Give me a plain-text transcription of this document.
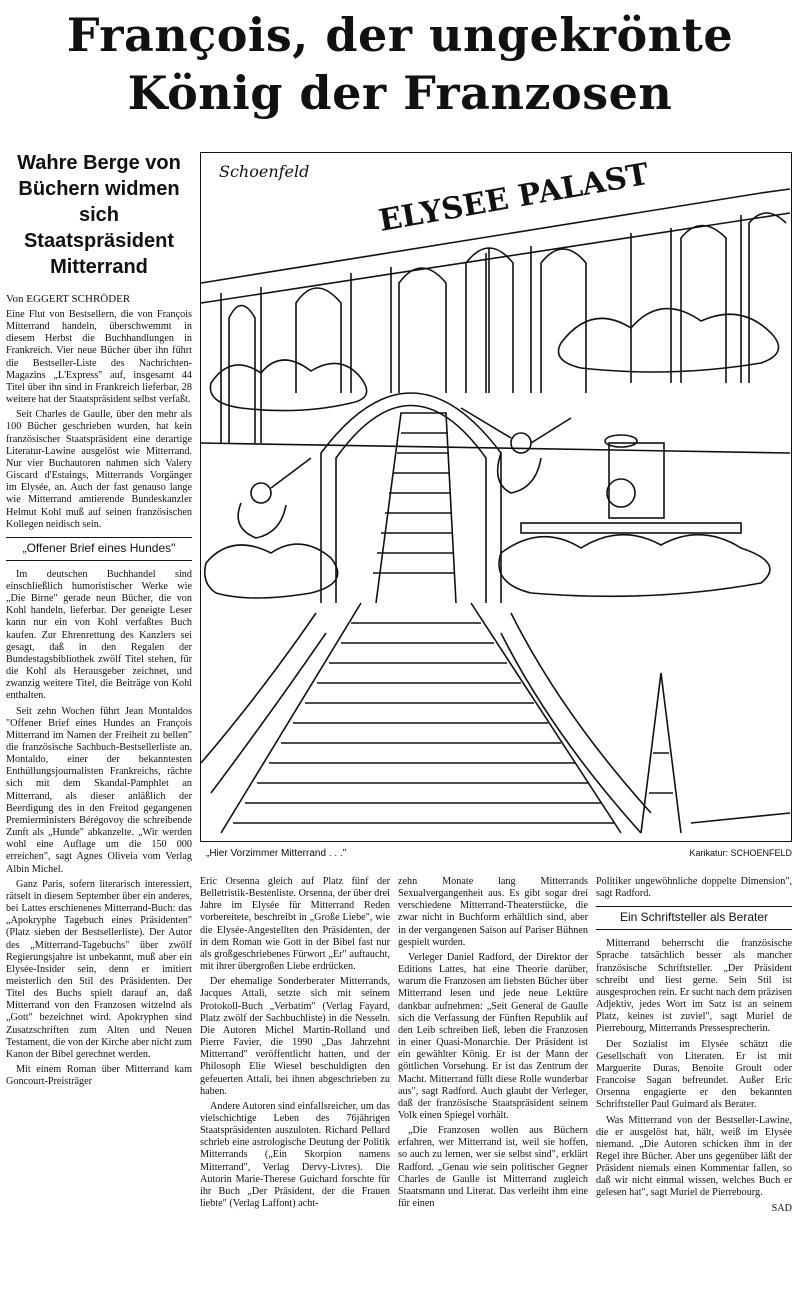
François, der ungekrönte
König der Franzosen
Wahre Berge von Büchern widmen sich Staatspräsident Mitterrand
Von EGGERT SCHRÖDER

Eine Flut von Bestsellern, die von François Mitterrand handeln, überschwemmt in diesem Herbst die Buchhandlungen in Frankreich. Vier neue Bücher über ihn führt die Bestseller-Liste des Nachrichten-Magazins „L'Express" auf, insgesamt 44 Titel über ihn sind in Frankreich lieferbar, 28 weitere hat der Staatspräsident selbst verfaßt.

Seit Charles de Gaulle, über den mehr als 100 Bücher geschrieben wurden, hat kein französischer Staatspräsident eine derartige Literatur-Lawine ausgelöst wie Mitterrand. Nur vier Buchautoren nahmen sich Valery Giscard d'Estaings, Mitterrands Vorgänger im Elysée, an. Auch der fast genauso lange wie Mitterrand amtierende Bundeskanzler Helmut Kohl muß auf seinen französischen Kollegen neidisch sein.

„Offener Brief eines Hundes"

Im deutschen Buchhandel sind einschließlich humoristischer Werke wie „Die Birne" gerade neun Bücher, die von Kohl handeln, lieferbar. Der geneigte Leser kann nur ein von Kohl verfaßtes Buch kaufen. Zur Ehrenrettung des Kanzlers sei gesagt, daß in den Regalen der Bundestagsbibliothek zwölf Titel stehen, für die Kohl als Herausgeber zeichnet, und zwanzig weitere Titel, die Beiträge von Kohl enthalten.

Seit zehn Wochen führt Jean Montaldos "Offener Brief eines Hundes an François Mitterrand im Namen der Freiheit zu bellen" die französische Sachbuch-Bestsellerliste an. Montaldo, einer der bekanntesten Enthüllungsjournalisten Frankreichs, rächte sich mit dem Skandal-Pamphlet an Mitterrand, als dieser anläßlich der Beerdigung des in den Freitod gegangenen Premierministers Bérégovoy die schreibende Zunft als „Hunde" abkanzelte. „Wir werden wohl eine Auflage um die 150 000 erreichen", sagt Agnes Oliveia vom Verlag Albin Michel.

Ganz Paris, sofern literarisch interessiert, rätselt in diesem September über ein anderes, bei Lattes erschienenes Mitterrand-Buch: das „Apokryphe Tagebuch eines Präsidenten" (Platz sieben der Bestsellerliste). Der Autor des „Mitterrand-Tagebuchs" über zwölf Regierungsjahre ist unbekannt, muß aber ein Elysée-Insider sein, denn er imitiert meisterlich den Stil des Präsidenten. Der Titel des Buchs spielt darauf an, daß Mitterrand von den Franzosen witzelnd als „Gott" bezeichnet wird. Apokryphen sind Zusatzschriften zum Alten und Neuen Testament, die von der Kirche aber nicht zum Kanon der Bibel gerechnet werden.

Mit einem Roman über Mitterrand kam Goncourt-Preisträger

ELYSEE PALAST
Schoenfeld
„Hier Vorzimmer Mitterrand . . ."	Karikatur: SCHOENFELD

Eric Orsenna gleich auf Platz fünf der Belletristik-Bestenliste. Orsenna, der über drei Jahre im Elysée für Mitterrand Reden vorbereitete, beschreibt in „Große Liebe", wie die Elysée-Angestellten den Präsidenten, der in dem Roman wie Gott in der Bibel fast nur als großgeschriebenes Fürwort „Er" auftaucht, mit ihrer übergroßen Liebe erdrücken.

Der ehemalige Sonderberater Mitterrands, Jacques Attali, setzte sich mit seinem Protokoll-Buch „Verbatim" (Verlag Fayard, Platz zwölf der Sachbuchliste) in die Nesseln. Die Autoren Michel Martin-Rolland und Pierre Favier, die 1990 „Das Jahrzehnt Mitterrand" veröffentlicht hatten, und der Philosoph Elie Wiesel beschuldigten den gefeuerten Attali, bei ihnen abgeschrieben zu haben.

Andere Autoren sind einfallsreicher, um das vielschichtige Leben des 76jährigen Staatspräsidenten auszuloten. Richard Pellard schrieb eine astrologische Deutung der Politik Mitterrands („Ein Skorpion namens Mitterrand", Verlag Dervy-Livres). Die Autorin Marie-Therese Guichard forschte für ihr Buch „Der Präsident, der die Frauen liebte" (Verlag Laffont) acht-

zehn Monate lang Mitterrands Sexualvergangenheit aus. Es gibt sogar drei verschiedene Mitterrand-Theaterstücke, die zwar nicht in Buchform erhältlich sind, aber in der vergangenen Saison auf Pariser Bühnen gespielt wurden.

Verleger Daniel Radford, der Direktor der Editions Lattes, hat eine Theorie darüber, warum die Franzosen am liebsten Bücher über Mitterrand lesen und jede neue Lektüre dankbar aufnehmen: „Seit General de Gaulle sich die Verfassung der Fünften Republik auf den Leib schreiben ließ, leben die Franzosen in einer Quasi-Monarchie. Der Präsident ist ein gewählter König. Er ist der Mann der göttlichen Vorsehung. Er ist das Zentrum der Macht. Mitterrand füllt diese Rolle wunderbar aus", sagt Radford. Auch glaubt der Verleger, daß der französische Staatspräsident seinem Volk einen Spiegel vorhält.

„Die Franzosen wollen aus Büchern erfahren, wer Mitterrand ist, weil sie hoffen, so auch zu lernen, wer sie selbst sind", erklärt Radford. „Genau wie sein politischer Gegner Charles de Gaulle ist Mitterrand zugleich Staatsmann und Literat. Das verleiht ihm eine für einen

Politiker ungewöhnliche doppelte Dimension", sagt Radford.

Ein Schriftsteller als Berater

Mitterrand beherrscht die französische Sprache tatsächlich besser als mancher französische Schriftsteller. „Der Präsident schreibt und liest gerne. Sein Stil ist ausgesprochen rein. Er sucht nach dem präzisen Adjektiv, jedes Wort im Satz ist an seinem Platz, keines ist zuviel", sagt Muriel de Pierrebourg, Mitterrands Pressesprecherin.

Der Sozialist im Elysée schätzt die Gesellschaft von Literaten. Er ist mit Marguerite Duras, Benoite Groult oder Francoise Sagan befreundet. Außer Eric Orsenna engagierte er den bekannten Schriftsteller Paul Guimard als Berater.

Was Mitterrand von der Bestseller-Lawine, die er ausgelöst hat, hält, weiß im Elysée niemand. „Die Autoren schicken ihm in der Regel ihre Bücher. Aber uns gegenüber läßt der Präsident niemals einen Kommentar fallen, so daß wir nicht einmal wissen, welches Buch er gelesen hat", sagt Muriel de Pierrebourg.

SAD
